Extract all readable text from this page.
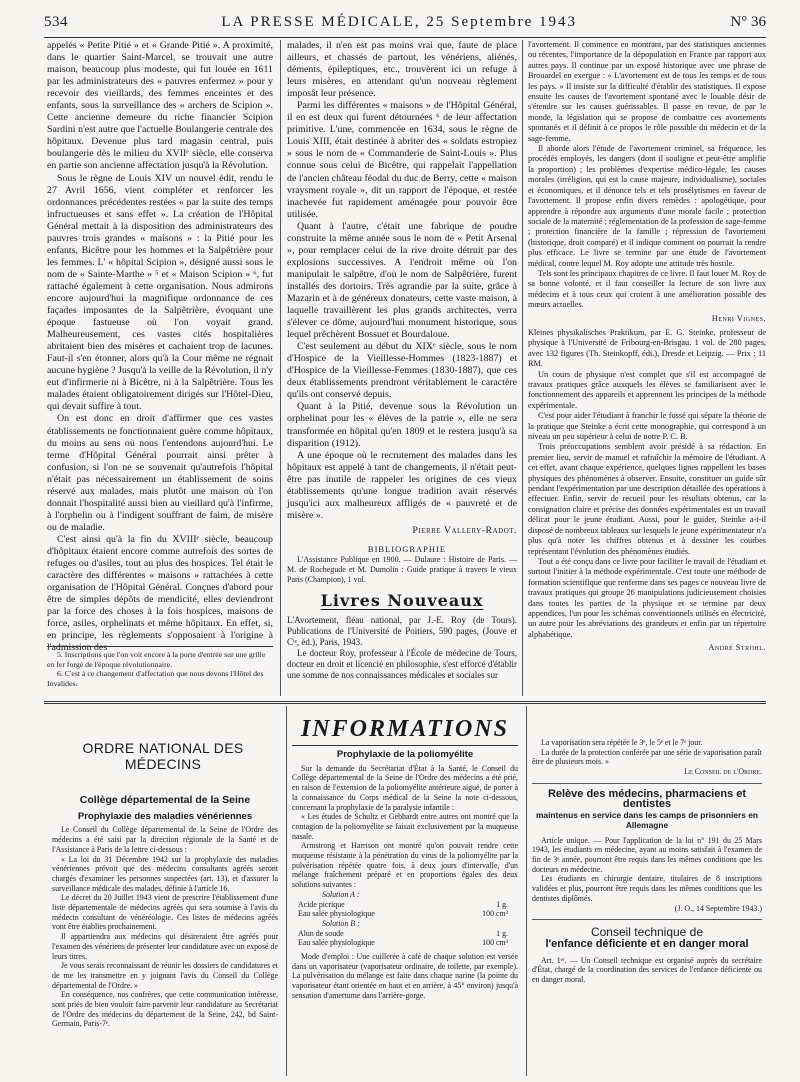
534	LA PRESSE MÉDICALE, 25 Septembre 1943	N° 36

appelés « Petite Pitié » et « Grande Pitié ». A proximité, dans le quartier Saint-Marcel, se trouvait une autre maison, beaucoup plus modeste, qui fut louée en 1611 par les administrateurs des « pauvres enfermez » pour y recevoir des vieillards, des femmes enceintes et des enfants, sous la surveillance des « archers de Scipion ». Cette ancienne demeure du riche financier Scipion Sardini n'est autre que l'actuelle Boulangerie centrale des hôpitaux. Devenue plus tard magasin central, puis boulangerie dès le milieu du XVIIᵉ siècle, elle conserva en partie son ancienne affectation jusqu'à la Révolution.

Sous le règne de Louis XIV un nouvel édit, rendu le 27 Avril 1656, vient compléter et renforcer les ordonnances précédentes restées « par la suite des temps infructueuses et sans effet ». La création de l'Hôpital Général mettait à la disposition des administrateurs des pauvres trois grandes « maisons » : la Pitié pour les enfants, Bicêtre pour les hommes et la Salpêtrière pour les femmes. L' « hôpital Scipion », désigné aussi sous le nom de « Sainte-Marthe » ⁵ et « Maison Scipion » ⁶, fut rattaché également à cette organisation. Nous admirons encore aujourd'hui la magnifique ordonnance de ces façades imposantes de la Salpêtrière, évoquant une époque fastueuse où l'on voyait grand. Malheureusement, ces vastes cités hospitalières abritaient bien des misères et cachaient trop de lacunes. Faut-il s'en étonner, alors qu'à la Cour même ne régnait aucune hygiène ? Jusqu'à la veille de la Révolution, il n'y eut d'infirmerie ni à Bicêtre, ni à la Salpêtrière. Tous les malades étaient obligatoirement dirigés sur l'Hôtel-Dieu, qui devait suffire à tout.

On est donc en droit d'affirmer que ces vastes établissements ne fonctionnaient guère comme hôpitaux, du moins au sens où nous l'entendons aujourd'hui. Le terme d'Hôpital Général pourrait ainsi prêter à confusion, si l'on ne se souvenait qu'autrefois l'hôpital n'était pas nécessairement un établissement de soins réservé aux malades, mais plutôt une maison où l'on donnait l'hospitalité aussi bien au vieillard qu'à l'infirme, à l'orphelin ou à l'indigent souffrant de faim, de misère ou de maladie.

C'est ainsi qu'à la fin du XVIIIᵉ siècle, beaucoup d'hôpitaux étaient encore comme autrefois des sortes de refuges ou d'asiles, tout au plus des hospices. Tel était le caractère des différentes « maisons » rattachées à cette organisation de l'Hôpital Général. Conçues d'abord pour être de simples dépôts de mendicité, elles deviendront par la force des choses à la fois hospices, maisons de force, asiles, orphelinats et même hôpitaux. En effet, si, en principe, les règlements s'opposaient à l'origine à l'admission des

5. Inscriptions que l'on voit encore à la porte d'entrée sur une grille en fer forgé de l'époque révolutionnaire.

6. C'est à ce changement d'affectation que nous devons l'Hôtel des Invalides.

malades, il n'en est pas moins vrai que, faute de place ailleurs, et chassés de partout, les vénériens, aliénés, déments, épileptiques, etc., trouvèrent ici un refuge à leurs misères, en attendant qu'un nouveau règlement imposât leur présence.

Parmi les différentes « maisons » de l'Hôpital Général, il en est deux qui furent détournées ⁶ de leur affectation primitive. L'une, commencée en 1634, sous le règne de Louis XIII, était destinée à abriter des « soldats estropiez » sous le nom de « Commanderie de Saint-Louis ». Plus connue sous celui de Bicêtre, qui rappelait l'appellation de l'ancien château féodal du duc de Berry, cette « maison vraysment royale », dit un rapport de l'époque, et restée inachevée fut rapidement aménagée pour pouvoir être utilisée.

Quant à l'autre, c'était une fabrique de poudre construite la même année sous le nom de « Petit Arsenal », pour remplacer celui de la rive droite détruit par des explosions successives. A l'endroit même où l'on manipulait le salpêtre, d'où le nom de Salpêtrière, furent installés des dortoirs. Très agrandie par la suite, grâce à Mazarin et à de généreux donateurs, cette vaste maison, à laquelle travaillèrent les plus grands architectes, verra s'élever ce dôme, aujourd'hui monument historique, sous lequel prêchèrent Bossuet et Bourdaloue.

C'est seulement au début du XIXᵉ siècle, sous le nom d'Hospice de la Vieillesse-Hommes (1823-1887) et d'Hospice de la Vieillesse-Femmes (1830-1887), que ces deux établissements prendront véritablement le caractère qu'ils ont conservé depuis.

Quant à la Pitié, devenue sous la Révolution un orphelinat pour les « élèves de la patrie », elle ne sera transformée en hôpital qu'en 1809 et le restera jusqu'à sa disparition (1912).

A une époque où le recrutement des malades dans les hôpitaux est appelé à tant de changements, il n'était peut-être pas inutile de rappeler les origines de ces vieux établissements qu'une longue tradition avait réservés jusqu'ici aux malheureux affligés de « pauvreté et de misère ».

Pierre Vallery-Radot.

BIBLIOGRAPHIE

L'Assistance Publique en 1900. — Dulaure : Histoire de Paris. — M. de Rochegude et M. Dumolin : Guide pratique à travers le vieux Paris (Champion), 1 vol.

Livres Nouveaux

L'Avortement, fléau national, par J.-E. Roy (de Tours). Publications de l'Université de Poitiers, 590 pages, (Jouve et Cⁱᵉ, éd.), Paris, 1943.

Le docteur Roy, professeur à l'École de médecine de Tours, docteur en droit et licencié en philosophie, s'est efforcé d'établir une somme de nos connaissances médicales et sociales sur

l'avortement. Il commence en montrant, par des statistiques anciennes ou récentes, l'importance de la dépopulation en France par rapport aux autres pays. Il continue par un exposé historique avec une phrase de Brouardel en exergue : « L'avortement est de tous les temps et de tous les pays. » Il insiste sur la difficulté d'établir des statistiques. Il expose ensuite les causes de l'avortement spontané avec le louable désir de s'étendre sur les causes guérissables. Il passe en revue, de par le monde, la législation qui se propose de combattre ces avortements spontanés et il définit à ce propos le rôle possible du médecin et de la sage-femme.

Il aborde alors l'étude de l'avortement criminel, sa fréquence, les procédés employés, les dangers (dont il souligne et peut-être amplifie la proportion) ; les problèmes d'expertise médico-légale, les causes morales (irréligion, qui est la cause majeure, individualisme), sociales et économiques, et il dénonce tels et tels prosélytismes en faveur de l'avortement. Il propose enfin divers remèdes : apologétique, pour apprendre à répondre aux arguments d'une morale facile ; protection sociale de la maternité ; réglementation de la profession de sage-femme ; protection financière de la famille ; répression de l'avortement (historique, droit comparé) et il indique comment on pourrait la rendre plus efficace. Le livre se termine par une étude de l'avortement médical, contre lequel M. Roy adopte une attitude très hostile.

Tels sont les principaux chapitres de ce livre. Il faut louer M. Roy de sa bonne volonté, et il faut conseiller la lecture de son livre aux médecins et à tous ceux qui croient à une amélioration possible des mœurs actuelles.

Henri Vignes.

Kleines physikalisches Praktikum, par E. G. Steinke, professeur de physique à l'Université de Fribourg-en-Brisgau. 1 vol. de 280 pages, avec 132 figures (Th. Steinkopff, édi.), Dresde et Leipzig. — Prix : 11 RM.

Un cours de physique n'est complet que s'il est accompagné de travaux pratiques grâce auxquels les élèves se familiarisent avec le fonctionnement des appareils et apprennent les principes de la méthode expérimentale.

C'est pour aider l'étudiant à franchir le fossé qui sépare la théorie de la pratique que Steinke a écrit cette monographie, qui correspond à un niveau un peu supérieur à celui de notre P. C. B.

Trois préoccupations semblent avoir présidé à sa rédaction. En premier lieu, servir de manuel et rafraîchir la mémoire de l'étudiant. A cet effet, avant chaque expérience, quelques lignes rappellent les bases physiques des phénomènes à observer. Ensuite, constituer un guide sûr pendant l'expérimentation par une description détaillée des opérations à effectuer. Enfin, servir de recueil pour les résultats obtenus, car la consignation claire et précise des données expérimentales est un travail délicat pour le jeune étudiant. Aussi, pour le guider, Steinke a-t-il disposé de nombreux tableaux sur lesquels le jeune expérimentateur n'a plus qu'à noter les chiffres obtenus et à dessiner les courbes représentant l'évolution des phénomènes étudiés.

Tout a été conçu dans ce livre pour faciliter le travail de l'étudiant et surtout l'initier à la méthode expérimentale. C'est toute une méthode de formation scientifique que renferme dans ses pages ce nouveau livre de travaux pratiques qui groupe 26 manipulations judicieusement choisies dans toutes les parties de la physique et se termine par deux appendices, l'un pour les schémas conventionnels utilisés en électricité, un autre pour les abréviations des grandeurs et enfin par un répertoire alphabétique.

André Strohl.

INFORMATIONS
ORDRE NATIONAL DES MÉDECINS

Collège départemental de la Seine

Prophylaxie des maladies vénériennes

Le Conseil du Collège départemental de la Seine de l'Ordre des médecins a été saisi par la direction régionale de la Santé et de l'Assistance à Paris de la lettre ci-dessous :

« La loi du 31 Décembre 1942 sur la prophylaxie des maladies vénériennes prévoit que des médecins consultants agréés seront chargés d'examiner les personnes suspectées (art. 13), et d'assurer la surveillance médicale des malades, définie à l'article 16.

Le décret du 20 Juillet 1943 vient de prescrire l'établissement d'une liste départementale de médecins agréés qui sera soumise à l'avis du médecin consultant de vénéréologie. Ces listes de médecins agréés vont être établies prochainement.

Il appartiendra aux médecins qui désireraient être agréés pour l'examen des vénériens de présenter leur candidature avec un exposé de leurs titres.

Je vous serais reconnaissant de réunir les dossiers de candidatures et de me les transmettre en y joignant l'avis du Conseil du Collège départemental de l'Ordre. »

En conséquence, nos confrères, que cette communication intéresse, sont priés de bien vouloir faire parvenir leur candidature au Secrétariat de l'Ordre des médecins du département de la Seine, 242, bd Saint-Germain, Paris-7ᵉ.

Prophylaxie de la poliomyélite

Sur la demande du Secrétariat d'État à la Santé, le Conseil du Collège départemental de la Seine de l'Ordre des médecins a été prié, en raison de l'extension de la poliomyélite antérieure aiguë, de porter à la connaissance du Corps médical de la Seine la note ci-dessous, concernant la prophylaxie de la paralysie infantile :

« Les études de Schultz et Gebhardt entre autres ont montré que la contagion de la poliomyélite se faisait exclusivement par la muqueuse nasale.

Armstrong et Harrison ont montré qu'on pouvait rendre cette muqueuse résistante à la pénétration du virus de la poliomyélite par la pulvérisation répétée quatre fois, à deux jours d'intervalle, d'un mélange fraîchement préparé et en proportions égales des deux solutions suivantes :

Solution A :

Acide picrique	1 g.

Eau salée physiologique	100 cm³

Solution B :

Alun de soude	1 g.

Eau salée physiologique	100 cm³

Mode d'emploi : Une cuillerée à café de chaque solution est versée dans un vaporisateur (vaporisateur ordinaire, de toilette, par exemple). La pulvérisation du mélange est faite dans chaque narine (la pointe du vaporisateur étant orientée en haut et en arrière, à 45° environ) jusqu'à sensation d'amertume dans l'arrière-gorge.

La vaporisation sera répétée le 3ᵉ, le 5ᵉ et le 7ᵉ jour.

La durée de la protection conférée par une série de vaporisation paraît être de plusieurs mois. »

Le Conseil de l'Ordre.

Relève des médecins, pharmaciens et dentistes

maintenus en service dans les camps de prisonniers en Allemagne

Article unique. — Pour l'application de la loi n° 191 du 25 Mars 1943, les étudiants en médecine, ayant au moins satisfait à l'examen de fin de 3ᵉ année, pourront être requis dans les mêmes conditions que les docteurs en médecine.

Les étudiants en chirurgie dentaire, titulaires de 8 inscriptions validées et plus, pourront être requis dans les mêmes conditions que les dentistes diplômés.

(J. O., 14 Septembre 1943.)

Conseil technique de

l'enfance déficiente et en danger moral

Art. 1ᵉʳ. — Un Conseil technique est organisé auprès du secrétaire d'État, chargé de la coordination des services de l'enfance déficiente ou en danger moral.
